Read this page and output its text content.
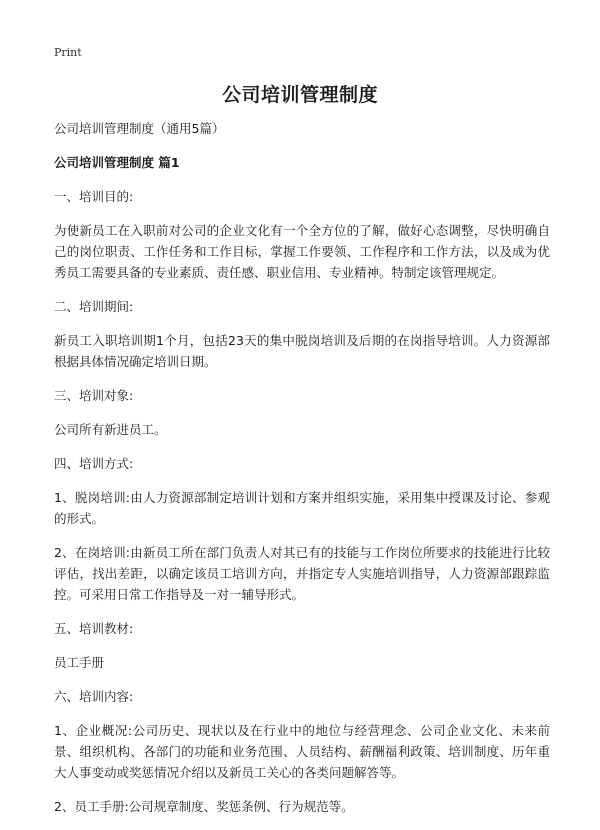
Print
公司培训管理制度

公司培训管理制度（通用5篇）

公司培训管理制度 篇1

一、培训目的:

为使新员工在入职前对公司的企业文化有一个全方位的了解，做好心态调整，尽快明确自己的岗位职责、工作任务和工作目标，掌握工作要领、工作程序和工作方法，以及成为优秀员工需要具备的专业素质、责任感、职业信用、专业精神。特制定该管理规定。

二、培训期间:

新员工入职培训期1个月，包括23天的集中脱岗培训及后期的在岗指导培训。人力资源部根据具体情况确定培训日期。

三、培训对象:

公司所有新进员工。

四、培训方式:

1、脱岗培训:由人力资源部制定培训计划和方案并组织实施，采用集中授课及讨论、参观的形式。

2、在岗培训:由新员工所在部门负责人对其已有的技能与工作岗位所要求的技能进行比较评估，找出差距，以确定该员工培训方向，并指定专人实施培训指导，人力资源部跟踪监控。可采用日常工作指导及一对一辅导形式。

五、培训教材:

员工手册

六、培训内容:

1、企业概况:公司历史、现状以及在行业中的地位与经营理念、公司企业文化、未来前景、组织机构、各部门的功能和业务范围、人员结构、薪酬福利政策、培训制度、历年重大人事变动或奖惩情况介绍以及新员工关心的各类问题解答等。

2、员工手册:公司规章制度、奖惩条例、行为规范等。
